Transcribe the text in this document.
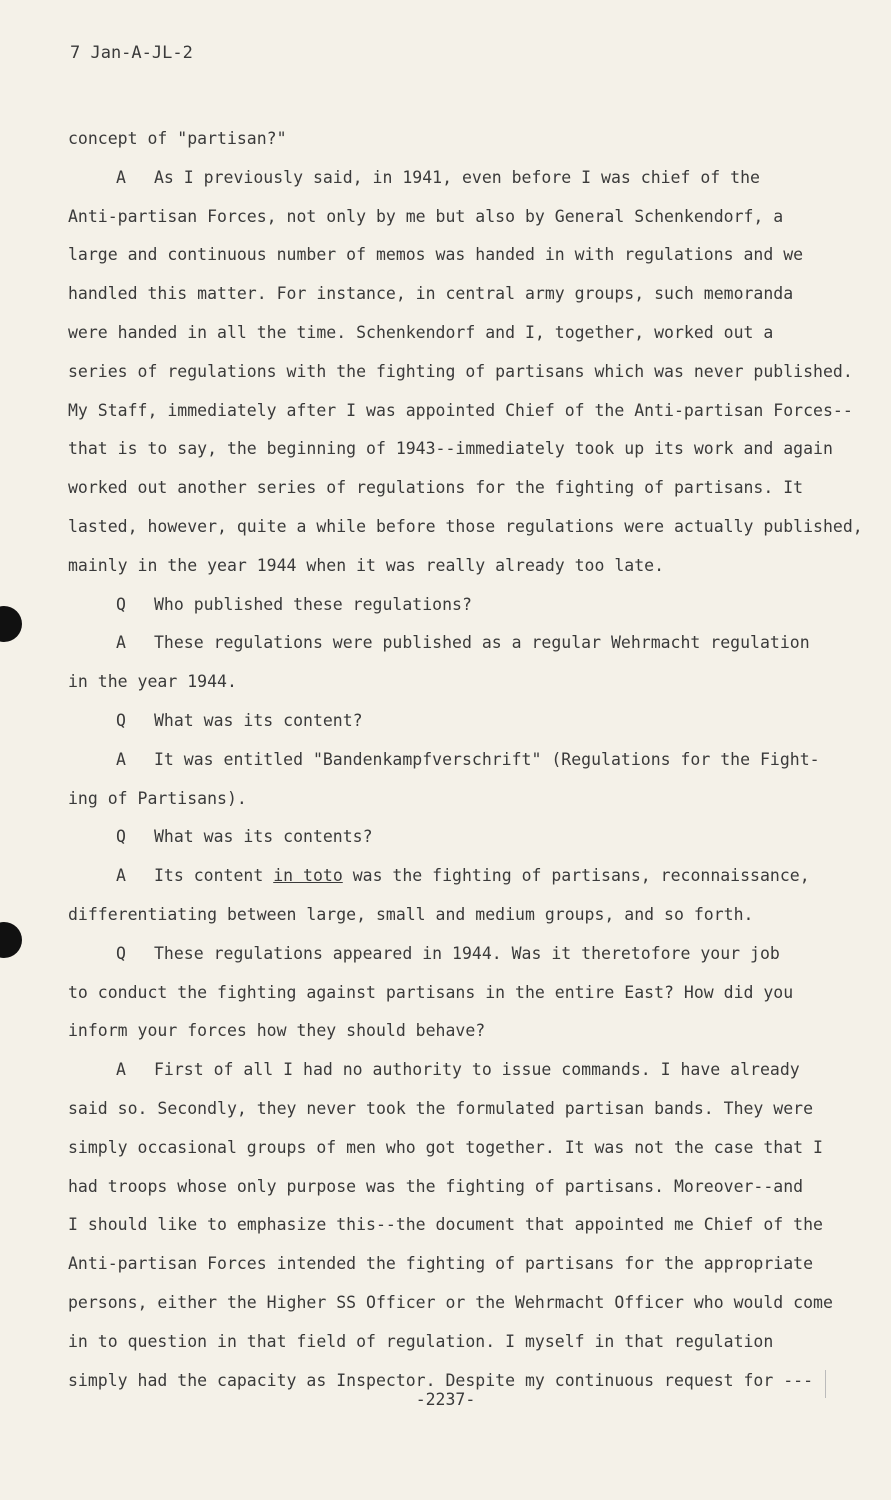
7 Jan-A-JL-2
concept of "partisan?"
A As I previously said, in 1941, even before I was chief of the
Anti-partisan Forces, not only by me but also by General Schenkendorf, a
large and continuous number of memos was handed in with regulations and we
handled this matter. For instance, in central army groups, such memoranda
were handed in all the time. Schenkendorf and I, together, worked out a
series of regulations with the fighting of partisans which was never published.
My Staff, immediately after I was appointed Chief of the Anti-partisan Forces--
that is to say, the beginning of 1943--immediately took up its work and again
worked out another series of regulations for the fighting of partisans. It
lasted, however, quite a while before those regulations were actually published,
mainly in the year 1944 when it was really already too late.
Q Who published these regulations?
A These regulations were published as a regular Wehrmacht regulation
in the year 1944.
Q What was its content?
A It was entitled "Bandenkampfverschrift" (Regulations for the Fight-
ing of Partisans).
Q What was its contents?
A Its content in toto was the fighting of partisans, reconnaissance,
differentiating between large, small and medium groups, and so forth.
Q These regulations appeared in 1944. Was it theretofore your job
to conduct the fighting against partisans in the entire East? How did you
inform your forces how they should behave?
A First of all I had no authority to issue commands. I have already
said so. Secondly, they never took the formulated partisan bands. They were
simply occasional groups of men who got together. It was not the case that I
had troops whose only purpose was the fighting of partisans. Moreover--and
I should like to emphasize this--the document that appointed me Chief of the
Anti-partisan Forces intended the fighting of partisans for the appropriate
persons, either the Higher SS Officer or the Wehrmacht Officer who would come
in to question in that field of regulation. I myself in that regulation
simply had the capacity as Inspector. Despite my continuous request for ---
-2237-
